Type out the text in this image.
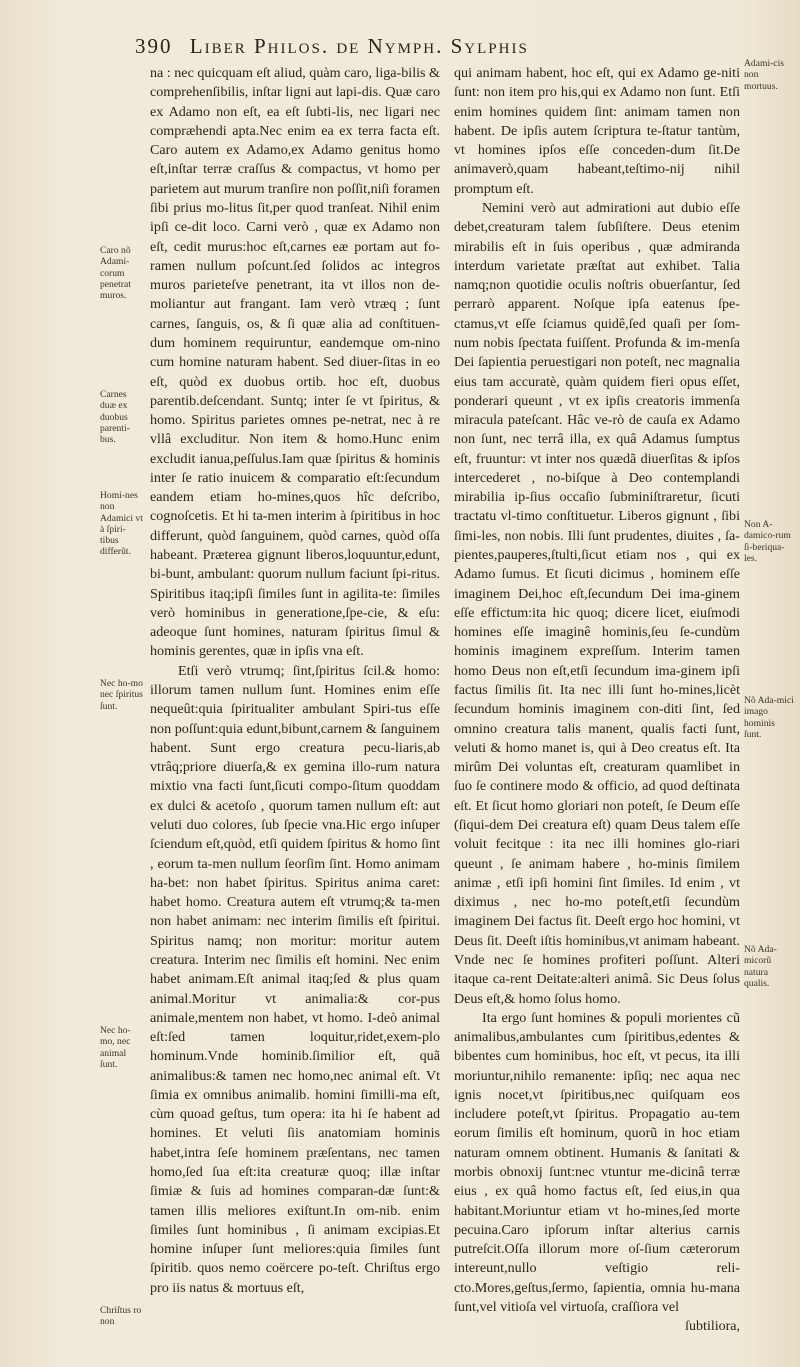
390 Liber Philos. de Nymph. Sylphis

na : nec quicquam eſt aliud, quàm caro, liga-bilis & comprehenſibilis, inſtar ligni aut lapi-dis. Quæ caro ex Adamo non eſt, ea eſt ſubti-lis, nec ligari nec compræhendi apta.Nec enim ea ex terra facta eſt. Caro autem ex Adamo,ex Adamo genitus homo eſt,inſtar terræ craſſus & compactus, vt homo per parietem aut murum tranſire non poſſit,niſi foramen ſibi prius mo-litus ſit,per quod tranſeat. Nihil enim ipſi ce-dit loco. Carni verò , quæ ex Adamo non eſt, cedit murus:hoc eſt,carnes eæ portam aut fo-ramen nullum poſcunt.ſed ſolidos ac integros muros parieteſve penetrant, ita vt illos non de-moliantur aut frangant. Iam verò vtræq ; ſunt carnes, ſanguis, os, & ſi quæ alia ad conſtituen-dum hominem requiruntur, eandemque om-nino cum homine naturam habent. Sed diuer-ſitas in eo eſt, quòd ex duobus ortib. hoc eſt, duobus parentib.deſcendant. Suntq; inter ſe vt ſpiritus, & homo. Spiritus parietes omnes pe-netrat, nec à re vllâ excluditur. Non item & homo.Hunc enim excludit ianua,peſſulus.Iam quæ ſpiritus & hominis inter ſe ratio inuicem & comparatio eſt:ſecundum eandem etiam ho-mines,quos hîc deſcribo, cognoſcetis. Et hi ta-men interim à ſpiritibus in hoc differunt, quòd ſanguinem, quòd carnes, quòd oſſa habeant. Præterea gignunt liberos,loquuntur,edunt, bi-bunt, ambulant: quorum nullum faciunt ſpi-ritus. Spiritibus itaq;ipſi ſimiles ſunt in agilita-te: ſimiles verò hominibus in generatione,ſpe-cie, & eſu: adeoque ſunt homines, naturam ſpiritus ſimul & hominis gerentes, quæ in ipſis vna eſt.

Etſi verò vtrumq; ſint,ſpiritus ſcil.& homo: illorum tamen nullum ſunt. Homines enim eſſe nequeût:quia ſpiritualiter ambulant Spiri-tus eſſe non poſſunt:quia edunt,bibunt,carnem & ſanguinem habent. Sunt ergo creatura pecu-liaris,ab vtrâq;priore diuerſa,& ex gemina illo-rum natura mixtio vna facti ſunt,ſicuti compo-ſitum quoddam ex dulci & acetoſo , quorum tamen nullum eſt: aut veluti duo colores, ſub ſpecie vna.Hic ergo inſuper ſciendum eſt,quòd, etſi quidem ſpiritus & homo ſint , eorum ta-men nullum ſeorſim ſint. Homo animam ha-bet: non habet ſpiritus. Spiritus anima caret: habet homo. Creatura autem eſt vtrumq;& ta-men non habet animam: nec interim ſimilis eſt ſpiritui. Spiritus namq; non moritur: moritur autem creatura. Interim nec ſimilis eſt homini. Nec enim habet animam.Eſt animal itaq;ſed & plus quam animal.Moritur vt animalia:& cor-pus animale,mentem non habet, vt homo. I-deò animal eſt:ſed tamen loquitur,ridet,exem-plo hominum.Vnde hominib.ſimilior eſt, quã animalibus:& tamen nec homo,nec animal eſt. Vt ſimia ex omnibus animalib. homini ſimilli-ma eſt, cùm quoad geſtus, tum opera: ita hi ſe habent ad homines. Et veluti ſiis anatomiam hominis habet,intra ſeſe hominem præſentans, nec tamen homo,ſed ſua eſt:ita creaturæ quoq; illæ inſtar ſimiæ & ſuis ad homines comparan-dæ ſunt:& tamen illis meliores exiſtunt.In om-nib. enim ſimiles ſunt hominibus , ſi animam excipias.Et homine inſuper ſunt meliores:quia ſimiles ſunt ſpiritib. quos nemo coërcere po-teſt. Chriſtus ergo pro iis natus & mortuus eſt,

qui animam habent, hoc eſt, qui ex Adamo ge-niti ſunt: non item pro his,qui ex Adamo non ſunt. Etſi enim homines quidem ſint: animam tamen non habent. De ipſis autem ſcriptura te-ſtatur tantùm, vt homines ipſos eſſe conceden-dum ſit.De animaverò,quam habeant,teſtimo-nij nihil promptum eſt.

Nemini verò aut admirationi aut dubio eſſe debet,creaturam talem ſubſiſtere. Deus etenim mirabilis eſt in ſuis operibus , quæ admiranda interdum varietate præſtat aut exhibet. Talia namq;non quotidie oculis noſtris obuerſantur, ſed perrarò apparent. Noſque ipſa eatenus ſpe-ctamus,vt eſſe ſciamus quidê,ſed quaſi per ſom-num nobis ſpectata fuiſſent. Profunda & im-menſa Dei ſapientia peruestigari non poteſt, nec magnalia eius tam accuratè, quàm quidem fieri opus eſſet, ponderari queunt , vt ex ipſis creatoris immenſa miracula pateſcant. Hâc ve-rò de cauſa ex Adamo non ſunt, nec terrâ illa, ex quâ Adamus ſumptus eſt, fruuntur: vt inter nos quædã diuerſitas & ipſos intercederet , no-biſque à Deo contemplandi mirabilia ip-ſius occaſio ſubminiſtraretur, ſicuti tractatu vl-timo conſtituetur. Liberos gignunt , ſibi ſimi-les, non nobis. Illi ſunt prudentes, diuites , ſa-pientes,pauperes,ſtulti,ſicut etiam nos , qui ex Adamo ſumus. Et ſicuti dicimus , hominem eſſe imaginem Dei,hoc eſt,ſecundum Dei ima-ginem eſſe effictum:ita hic quoq; dicere licet, eiuſmodi homines eſſe imaginê hominis,ſeu ſe-cundùm hominis imaginem expreſſum. Interim tamen homo Deus non eſt,etſi ſecundum ima-ginem ipſi factus ſimilis ſit. Ita nec illi ſunt ho-mines,licèt ſecundum hominis imaginem con-diti ſint, ſed omnino creatura talis manent, qualis facti ſunt, veluti & homo manet is, qui à Deo creatus eſt. Ita mirûm Dei voluntas eſt, creaturam quamlibet in ſuo ſe continere modo & officio, ad quod deſtinata eſt. Et ſicut homo gloriari non poteſt, ſe Deum eſſe (ſiqui-dem Dei creatura eſt) quam Deus talem eſſe voluit fecitque : ita nec illi homines glo-riari queunt , ſe animam habere , ho-minis ſimilem animæ , etſi ipſi homini ſint ſimiles. Id enim , vt diximus , nec ho-mo poteſt,etſi ſecundùm imaginem Dei factus ſit. Deeſt ergo hoc homini, vt Deus ſit. Deeſt iſtis hominibus,vt animam habeant. Vnde nec ſe homines profiteri poſſunt. Alteri itaque ca-rent Deitate:alteri animâ. Sic Deus ſolus Deus eſt,& homo ſolus homo.

Ita ergo ſunt homines & populi morientes cũ animalibus,ambulantes cum ſpiritibus,edentes & bibentes cum hominibus, hoc eſt, vt pecus, ita illi moriuntur,nihilo remanente: ipſiq; nec aqua nec ignis nocet,vt ſpiritibus,nec quiſquam eos includere poteſt,vt ſpiritus. Propagatio au-tem eorum ſimilis eſt hominum, quorũ in hoc etiam naturam omnem obtinent. Humanis & ſanitati & morbis obnoxij ſunt:nec vtuntur me-dicinâ terræ eius , ex quâ homo factus eſt, ſed eius,in qua habitant.Moriuntur etiam vt ho-mines,ſed morte pecuina.Caro ipſorum inſtar alterius carnis putreſcit.Oſſa illorum more oſ-ſium cæterorum intereunt,nullo veſtigio reli-cto.Mores,geſtus,ſermo, ſapientia, omnia hu-mana ſunt,vel vitioſa vel virtuoſa, craſſiora vel

ſubtiliora,
Caro nõ Adami-corum penetrat muros.
Carnes duæ ex duobus parenti-bus.
Homi-nes non Adamici vt à ſpiri-tibus differũt.
Nec ho-mo nec ſpiritus ſunt.
Nec ho-mo, nec animal ſunt.
Chriſtus ro non
Adami-cis non mortuus.
Non A-damico-rum ſi-beriqua-les.
Nõ Ada-mici imago hominis ſunt.
Nõ Ada-micorũ natura qualis.
